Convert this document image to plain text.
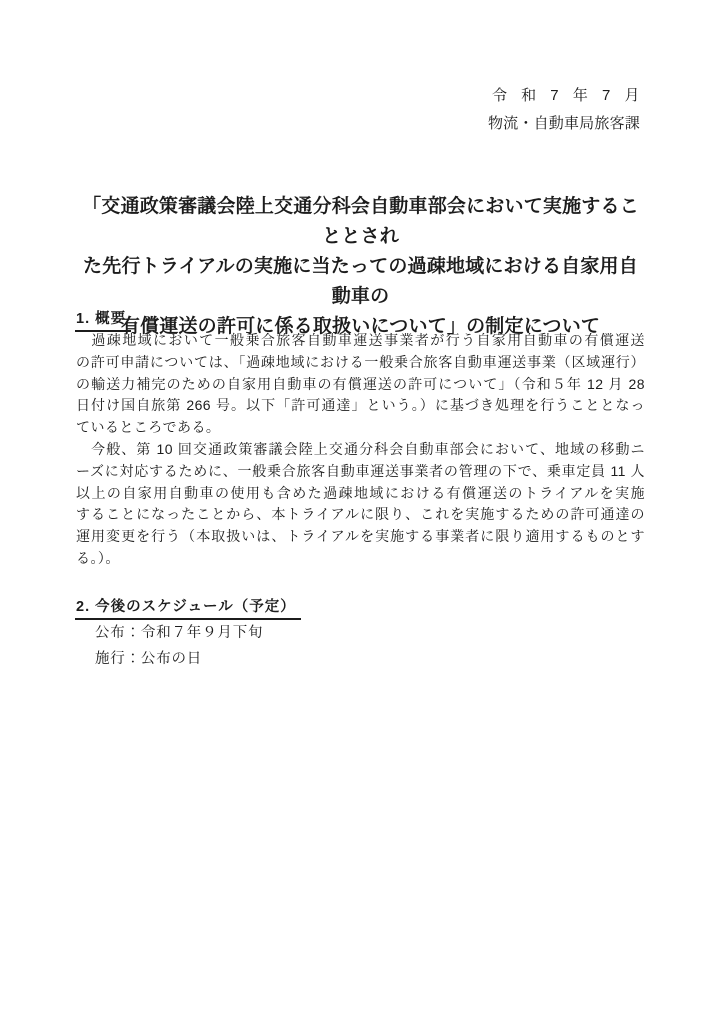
令 和 7 年 7 月
物流・自動車局旅客課
「交通政策審議会陸上交通分科会自動車部会において実施することとされ
た先行トライアルの実施に当たっての過疎地域における自家用自動車の
有償運送の許可に係る取扱いについて」の制定について
1. 概要
　過疎地域において一般乗合旅客自動車運送事業者が行う自家用自動車の有償運送
の許可申請については、「過疎地域における一般乗合旅客自動車運送事業（区域運行）
の輸送力補完のための自家用自動車の有償運送の許可について」（令和５年 12 月 28
日付け国自旅第 266 号。以下「許可通達」という。）に基づき処理を行うこととなっ
ているところである。
　今般、第 10 回交通政策審議会陸上交通分科会自動車部会において、地域の移動ニ
ーズに対応するために、一般乗合旅客自動車運送事業者の管理の下で、乗車定員 11 人
以上の自家用自動車の使用も含めた過疎地域における有償運送のトライアルを実施
することになったことから、本トライアルに限り、これを実施するための許可通達の
運用変更を行う（本取扱いは、トライアルを実施する事業者に限り適用するものとす
る。）。
2. 今後のスケジュール（予定）
公布：令和７年９月下旬
施行：公布の日
